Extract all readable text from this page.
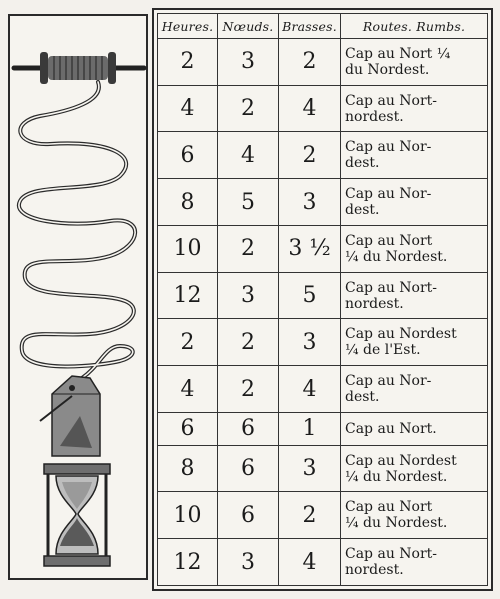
Heures.	Nœuds.	Brasses.	Routes. Rumbs.
2	3	2	Cap au Nort ¼
du Nordest.

4	2	4	Cap au Nort-
nordest.

6	4	2	Cap au Nor-
dest.

8	5	3	Cap au Nor-
dest.

10	2	3 ½	Cap au Nort
¼ du Nordest.

12	3	5	Cap au Nort-
nordest.

2	2	3	Cap au Nordest
¼ de l'Est.

4	2	4	Cap au Nor-
dest.

6	6	1	Cap au Nort.

8	6	3	Cap au Nordest
¼ du Nordest.

10	6	2	Cap au Nort
¼ du Nordest.

12	3	4	Cap au Nort-
nordest.
